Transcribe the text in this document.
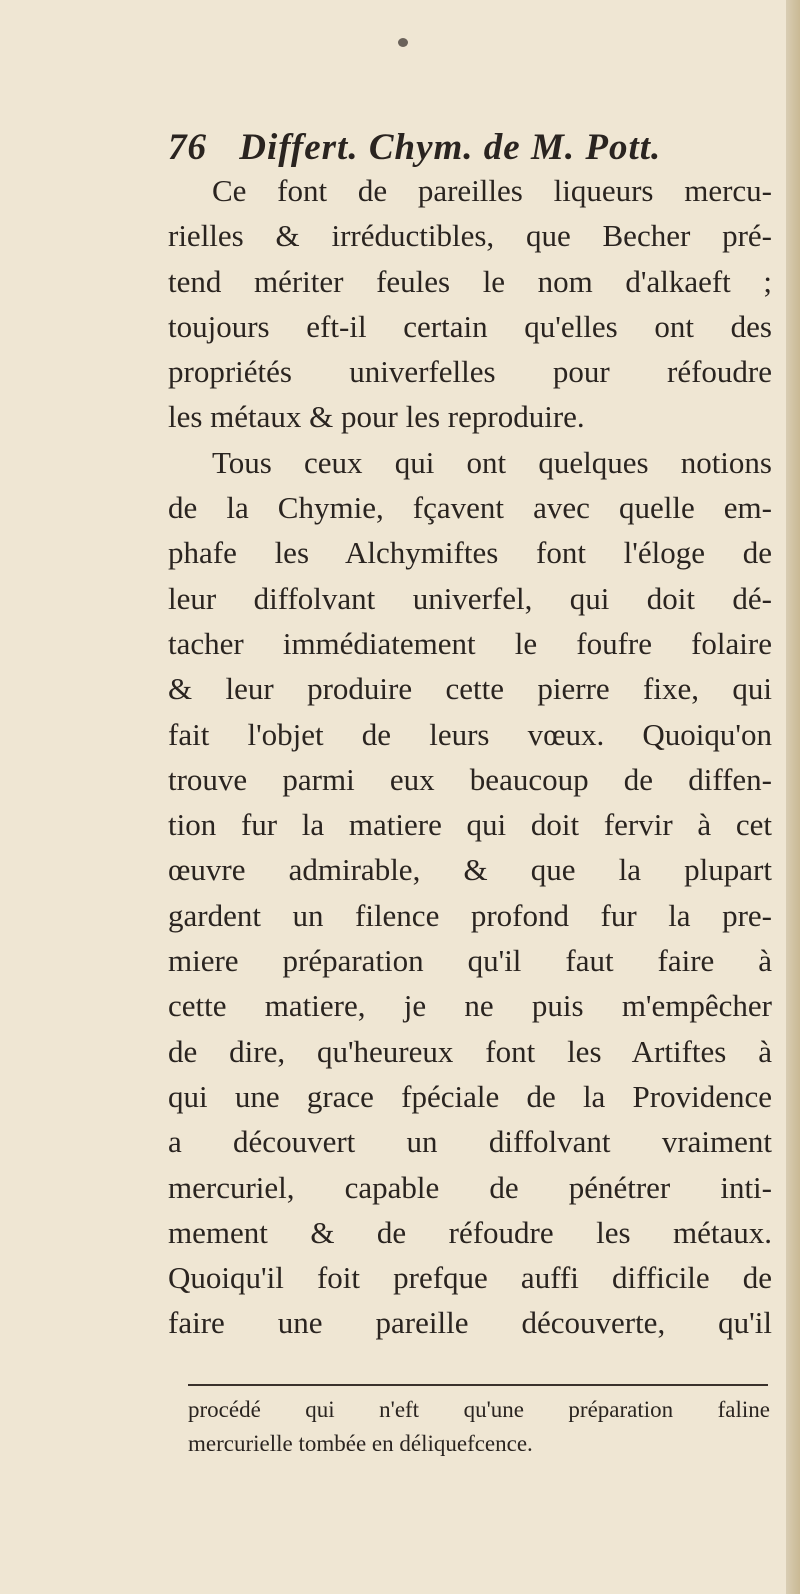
76 Differt. Chym. de M. Pott.
Ce font de pareilles liqueurs mercu-
rielles & irréductibles, que Becher pré-
tend mériter feules le nom d'alkaeft ;
toujours eft-il certain qu'elles ont des
propriétés univerfelles pour réfoudre
les métaux & pour les reproduire.
Tous ceux qui ont quelques notions
de la Chymie, fçavent avec quelle em-
phafe les Alchymiftes font l'éloge de
leur diffolvant univerfel, qui doit dé-
tacher immédiatement le foufre folaire
& leur produire cette pierre fixe, qui
fait l'objet de leurs vœux. Quoiqu'on
trouve parmi eux beaucoup de diffen-
tion fur la matiere qui doit fervir à cet
œuvre admirable, & que la plupart
gardent un filence profond fur la pre-
miere préparation qu'il faut faire à
cette matiere, je ne puis m'empêcher
de dire, qu'heureux font les Artiftes à
qui une grace fpéciale de la Providence
a découvert un diffolvant vraiment
mercuriel, capable de pénétrer inti-
mement & de réfoudre les métaux.
Quoiqu'il foit prefque auffi difficile de
faire une pareille découverte, qu'il
procédé qui n'eft qu'une préparation faline
mercurielle tombée en déliquefcence.
